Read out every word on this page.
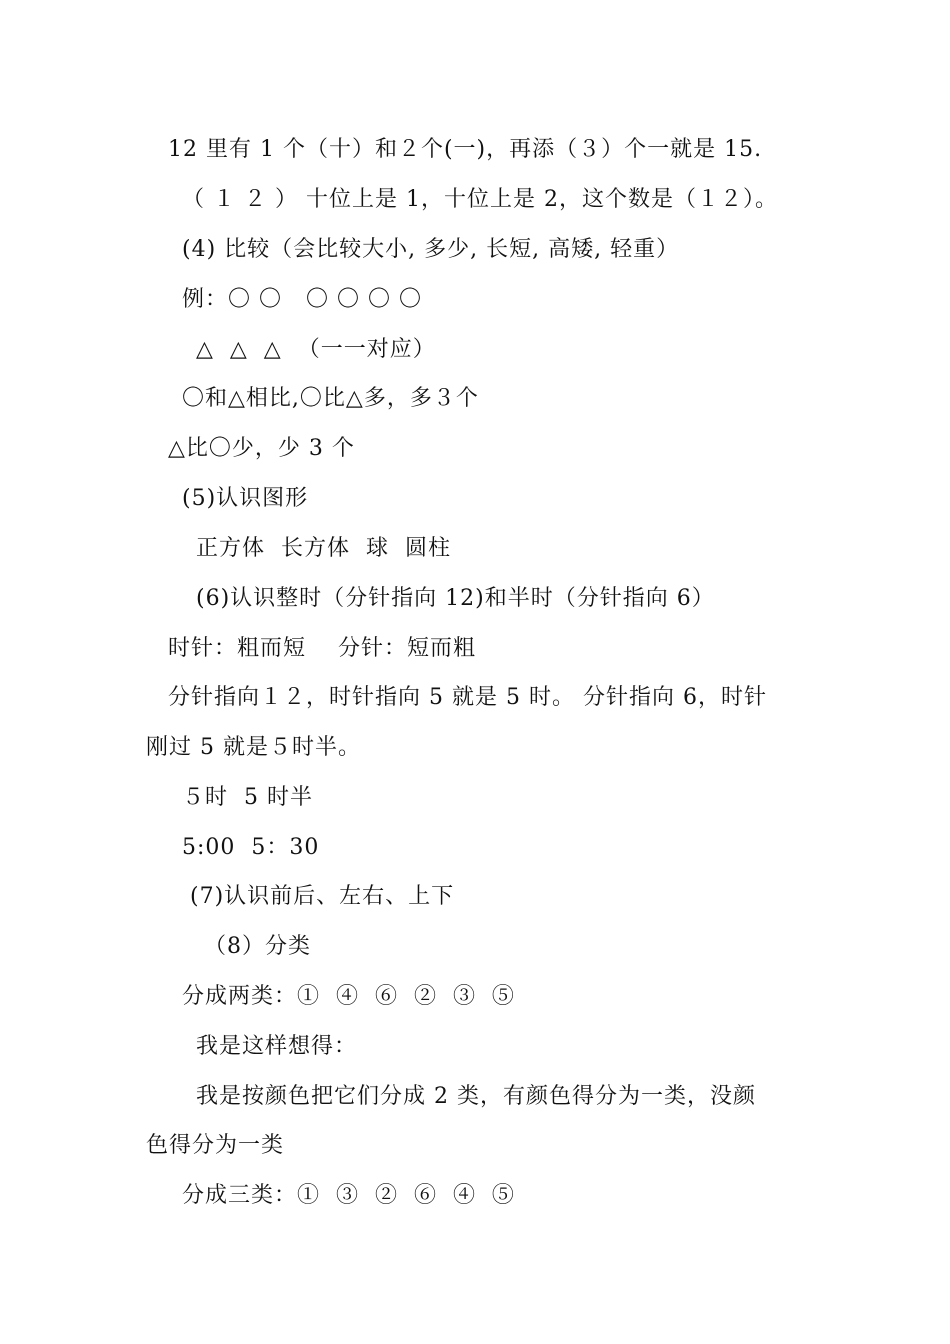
12 里有 1 个（十）和２个(一)，再添（３）个一就是 15.
（ １ ２ ） 十位上是 1，十位上是 2，这个数是（１２）。
(4) 比较（会比较大小, 多少, 长短, 高矮, 轻重）
例：〇 〇   〇 〇 〇 〇
△  △  △  （一一对应）
〇和△相比,〇比△多，多３个
△比〇少，少 3 个
(5)认识图形
正方体  长方体  球  圆柱
(6)认识整时（分针指向 12)和半时（分针指向 6）
时针：粗而短    分针：短而粗
分针指向１２，时针指向 5 就是 5 时。 分针指向 6，时针
刚过 5 就是５时半。
５时  5 时半
5:00  5：30
(7)认识前后、左右、上下
（8）分类
分成两类：①  ④  ⑥  ②  ③  ⑤
我是这样想得：
我是按颜色把它们分成 2 类，有颜色得分为一类，没颜
色得分为一类
分成三类：①  ③  ②  ⑥  ④  ⑤
